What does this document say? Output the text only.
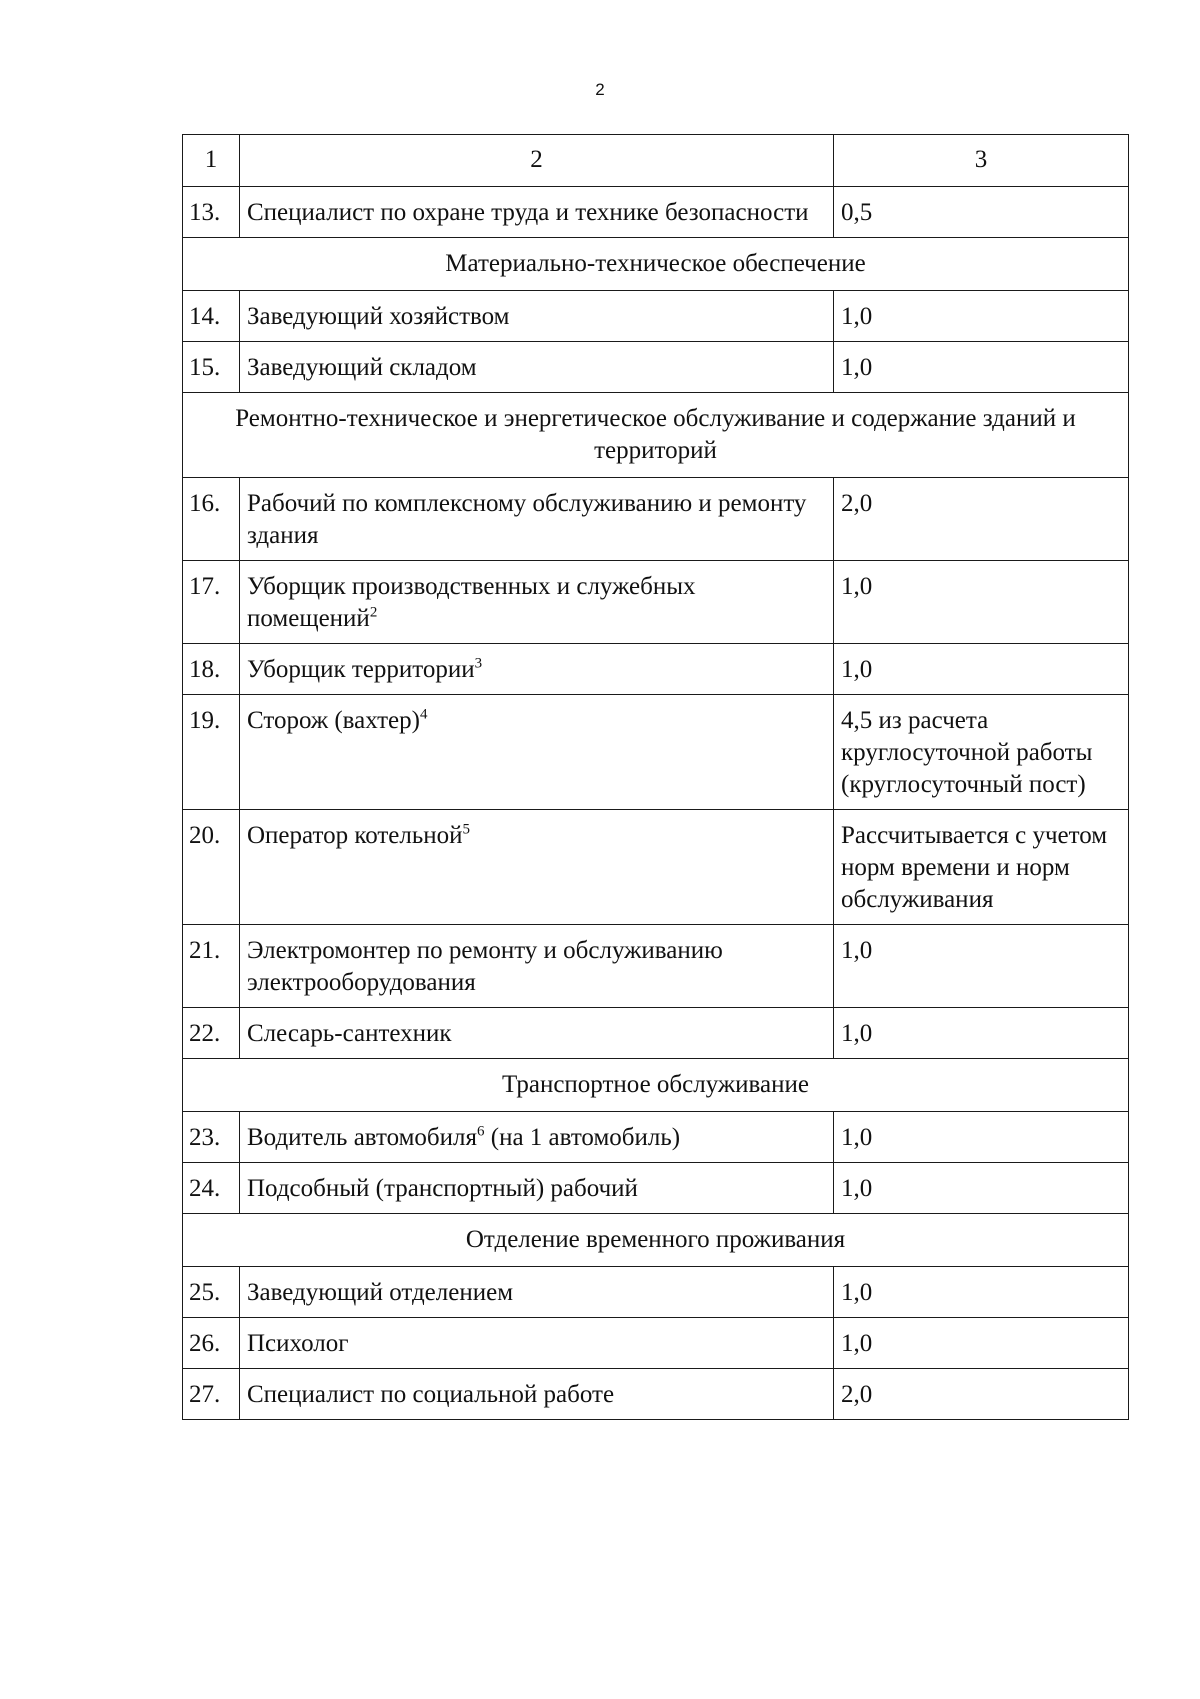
2
1	2	3
13.	Специалист по охране труда и технике безопасности	0,5
Материально-техническое обеспечение		
14.	Заведующий хозяйством	1,0
15.	Заведующий складом	1,0
Ремонтно-техническое и энергетическое обслуживание и содержание зданий и территорий		
16.	Рабочий по комплексному обслуживанию и ремонту здания	2,0
17.	Уборщик производственных и служебных помещений$^2$	1,0
18.	Уборщик территории$^3$	1,0
19.	Сторож (вахтер)$^4$	4,5 из расчета круглосуточной работы (круглосуточный пост)
20.	Оператор котельной$^5$	Рассчитывается с учетом норм времени и норм обслуживания
21.	Электромонтер по ремонту и обслуживанию электрооборудования	1,0
22.	Слесарь-сантехник	1,0
Транспортное обслуживание		
23.	Водитель автомобиля$^6$ (на 1 автомобиль)	1,0
24.	Подсобный (транспортный) рабочий	1,0
Отделение временного проживания		
25.	Заведующий отделением	1,0
26.	Психолог	1,0
27.	Специалист по социальной работе	2,0
